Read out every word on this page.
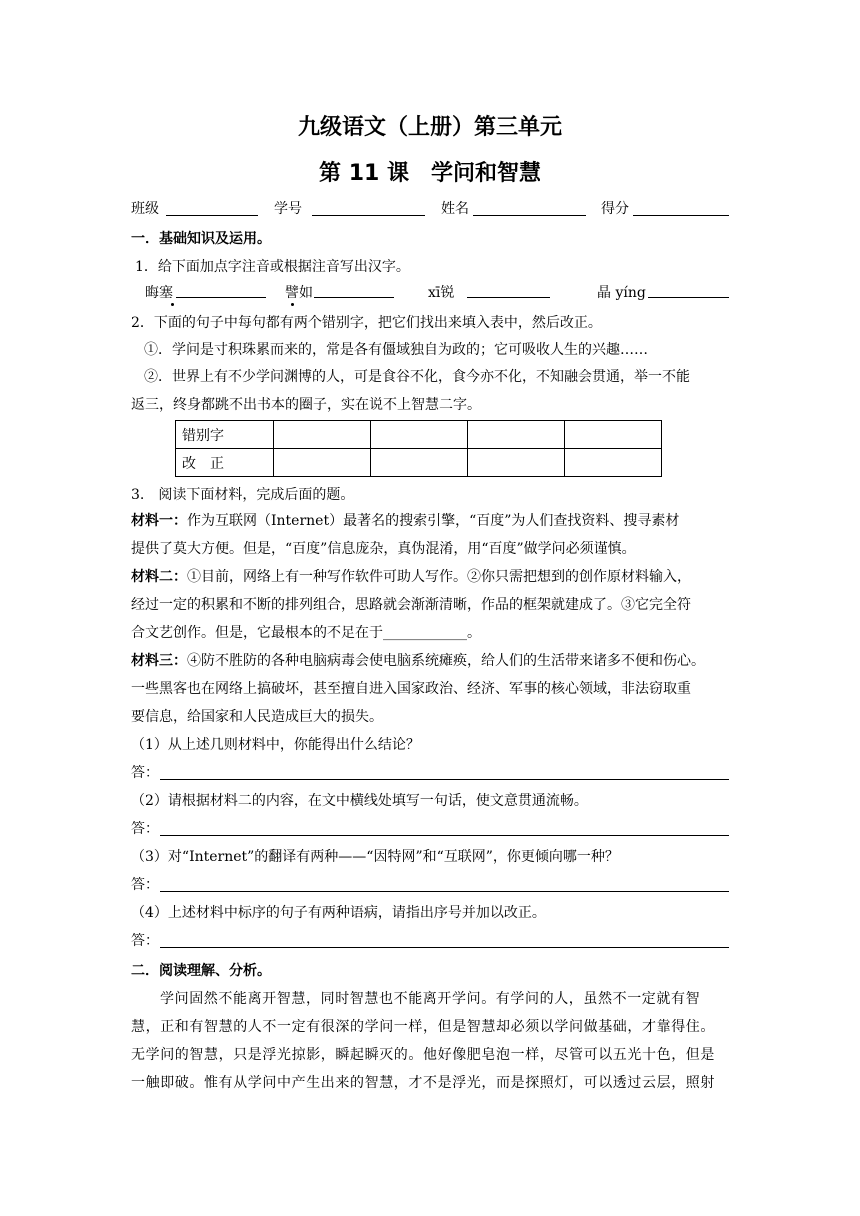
九级语文（上册）第三单元
第 11 课　学问和智慧
班级	学号	姓名	得分
一．基础知识及运用。
1．给下面加点字注音或根据注音写出汉字。
晦塞	譬如	xī锐	晶 yíng
2．下面的句子中每句都有两个错别字，把它们找出来填入表中，然后改正。
①．学问是寸积珠累而来的，常是各有僵域独自为政的；它可吸收人生的兴趣……
②．世界上有不少学问渊博的人，可是食谷不化，食今亦不化，不知融会贯通，举一不能
返三，终身都跳不出书本的圈子，实在说不上智慧二字。
错别字				
改　正				
3.　阅读下面材料，完成后面的题。
材料一： 作为互联网（Internet）最著名的搜索引擎，“百度”为人们查找资料、搜寻素材
提供了莫大方便。但是，“百度”信息庞杂，真伪混淆，用“百度”做学问必须谨慎。
材料二： ①目前，网络上有一种写作软件可助人写作。②你只需把想到的创作原材料输入，
经过一定的积累和不断的排列组合，思路就会渐渐清晰，作品的框架就建成了。③它完全符
合文艺创作。但是，它最根本的不足在于____________。
材料三： ④防不胜防的各种电脑病毒会使电脑系统瘫痪，给人们的生活带来诸多不便和伤心。
一些黑客也在网络上搞破坏，甚至擅自进入国家政治、经济、军事的核心领域，非法窃取重
要信息，给国家和人民造成巨大的损失。
（1）从上述几则材料中，你能得出什么结论？
答：
（2）请根据材料二的内容，在文中横线处填写一句话，使文意贯通流畅。
答：
（3）对“Internet”的翻译有两种——“因特网”和“互联网”，你更倾向哪一种？
答：
（4）上述材料中标序的句子有两种语病，请指出序号并加以改正。
答：
二．阅读理解、分析。
学问固然不能离开智慧，同时智慧也不能离开学问。有学问的人，虽然不一定就有智
慧，正和有智慧的人不一定有很深的学问一样，但是智慧却必须以学问做基础，才靠得住。
无学问的智慧，只是浮光掠影，瞬起瞬灭的。他好像肥皂泡一样，尽管可以五光十色，但是
一触即破。惟有从学问中产生出来的智慧，才不是浮光，而是探照灯，可以透过云层，照射
